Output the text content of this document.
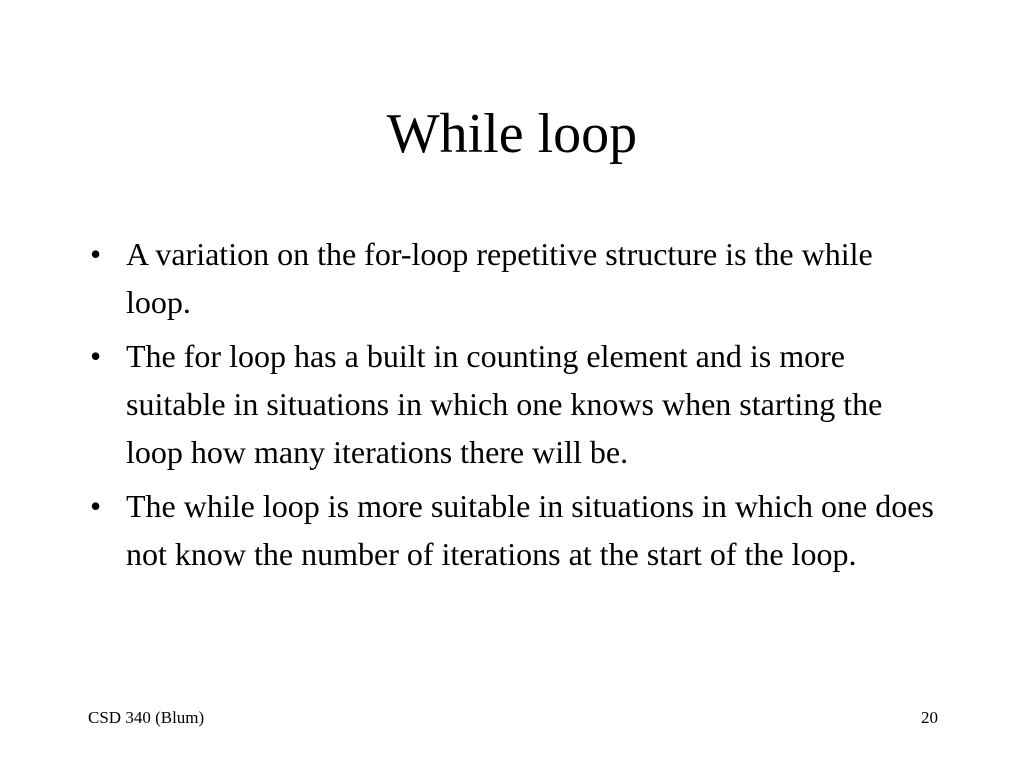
While loop
• A variation on the for-loop repetitive structure is the while loop.
• The for loop has a built in counting element and is more suitable in situations in which one knows when starting the loop how many iterations there will be.
• The while loop is more suitable in situations in which one does not know the number of iterations at the start of the loop.
CSD 340 (Blum)	20
